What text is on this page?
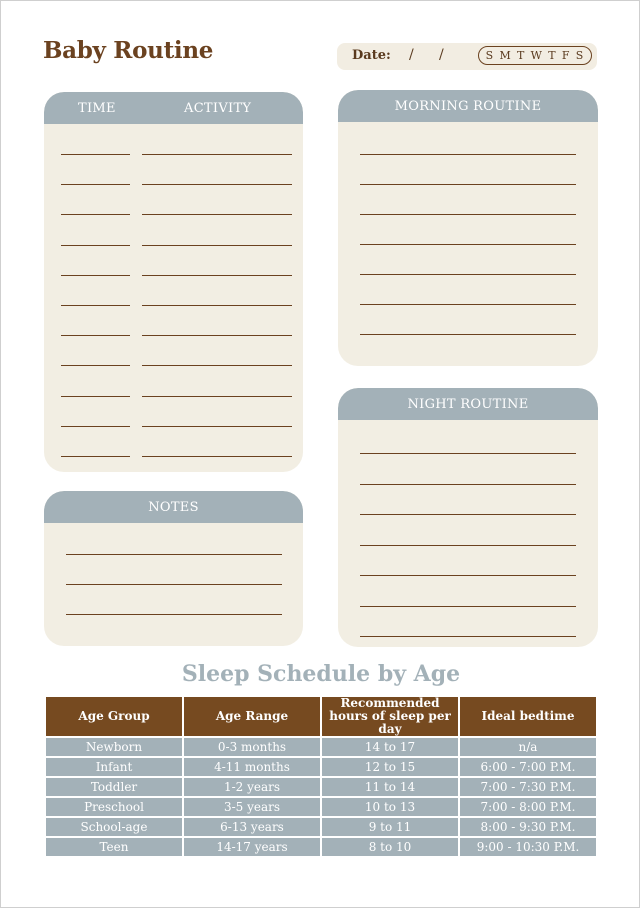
Baby Routine	Date: / /	S M T W T F S
TIME	ACTIVITY	MORNING ROUTINE
NOTES
NIGHT ROUTINE
Sleep Schedule by Age
Age Group	Age Range	Recommended hours of sleep per day	Ideal bedtime
Newborn	0-3 months	14 to 17	n/a
Infant	4-11 months	12 to 15	6:00 - 7:00 P.M.
Toddler	1-2 years	11 to 14	7:00 - 7:30 P.M.
Preschool	3-5 years	10 to 13	7:00 - 8:00 P.M.
School-age	6-13 years	9 to 11	8:00 - 9:30 P.M.
Teen	14-17 years	8 to 10	9:00 - 10:30 P.M.
